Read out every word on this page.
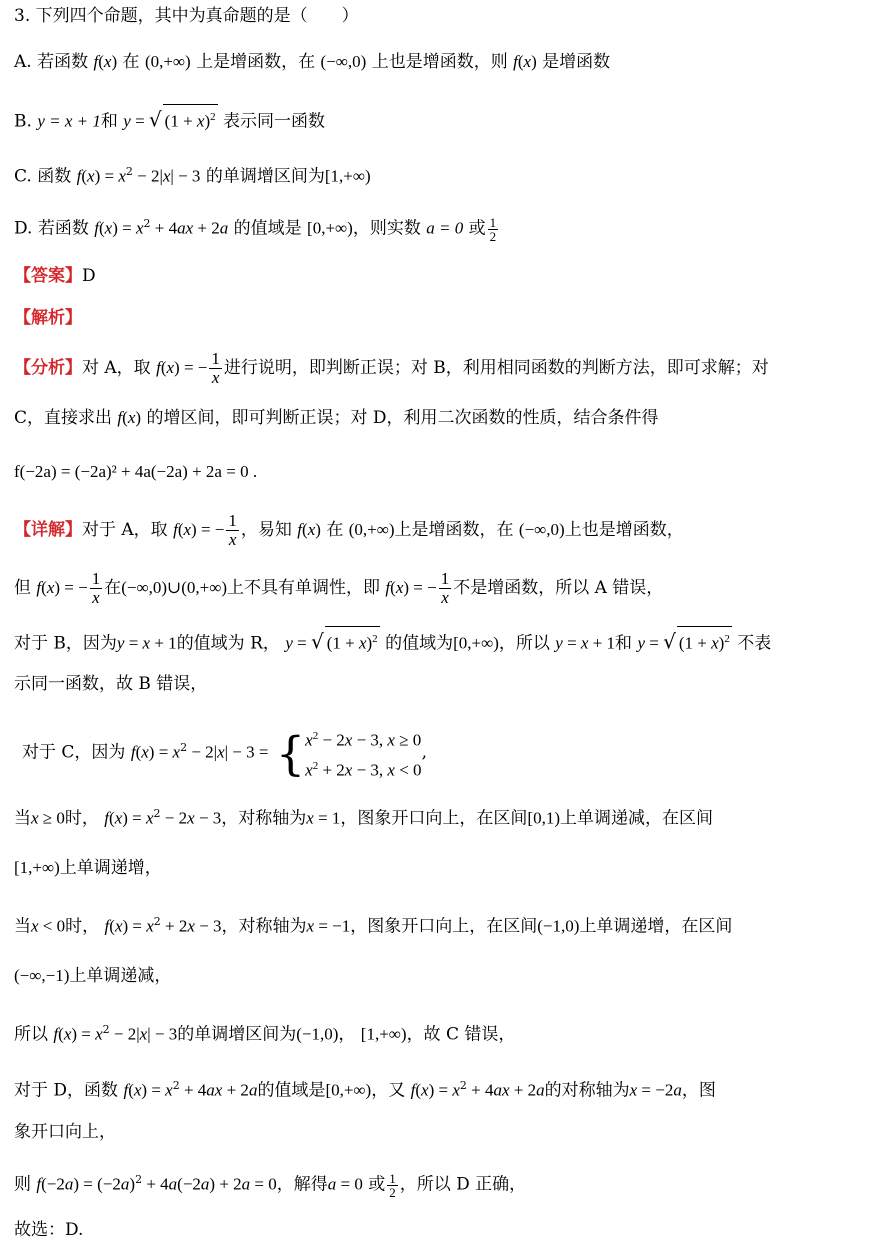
3. 下列四个命题，其中为真命题的是（　　）
A. 若函数 f(x) 在 (0,+∞) 上是增函数，在 (−∞,0) 上也是增函数，则 f(x) 是增函数
B. y = x + 1和 y = √ $(1 + x)^2$ 表示同一函数
C. 函数 $f(x) = x^2 - 2|x| - 3$ 的单调增区间为[1,+∞)
D. 若函数 $f(x) = x^2 + 4ax + 2a$ 的值域是 [0,+∞)，则实数 a = 0 或 $\frac{1}{2}$
【答案】D
【解析】
【分析】对 A，取 f(x) = − $\frac{1}{x}$ 进行说明，即判断正误；对 B，利用相同函数的判断方法，即可求解；对
C，直接求出 f(x) 的增区间，即可判断正误；对 D，利用二次函数的性质，结合条件得
f(−2a) = (−2a)² + 4a(−2a) + 2a = 0 .
【详解】对于 A，取 f(x) = − $\frac{1}{x}$ ，易知 f(x) 在 (0,+∞)上是增函数，在 (−∞,0)上也是增函数，
但 f(x) = − $\frac{1}{x}$ 在(−∞,0)∪(0,+∞)上不具有单调性，即 f(x) = − $\frac{1}{x}$ 不是增函数，所以 A 错误，
对于 B，因为y = x + 1的值域为 R， y = √ $(1 + x)^2$ 的值域为[0,+∞)，所以 y = x + 1和 y = √ $(1 + x)^2$ 不表
示同一函数，故 B 错误，
对于 C，因为 $f(x) = x^2 - 2|x| - 3$ = { $x^2 - 2x - 3$, x ≥ 0
$x^2 + 2x - 3$, x < 0
,
当x ≥ 0时， $f(x) = x^2 - 2x - 3$，对称轴为x = 1，图象开口向上，在区间[0,1)上单调递减，在区间
[1,+∞)上单调递增，
当x < 0时， $f(x) = x^2 + 2x - 3$，对称轴为x = −1，图象开口向上，在区间(−1,0)上单调递增，在区间
(−∞,−1)上单调递减，
所以 $f(x) = x^2 - 2|x| - 3$的单调增区间为(−1,0)， [1,+∞)，故 C 错误，
对于 D，函数 $f(x) = x^2 + 4ax + 2a$的值域是[0,+∞)，又 $f(x) = x^2 + 4ax + 2a$的对称轴为x = −2a，图
象开口向上，
则 $f(-2a) = (-2a)^2 + 4a(-2a) + 2a = 0$，解得a = 0 或 $\frac{1}{2}$ ，所以 D 正确，
故选：D.
